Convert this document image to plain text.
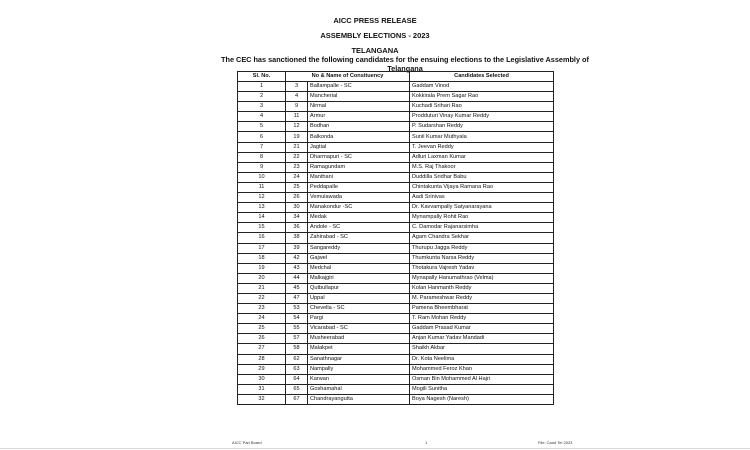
AICC PRESS RELEASE
ASSEMBLY ELECTIONS - 2023
TELANGANA
The CEC has sanctioned the following candidates for the ensuing elections to the Legislative Assembly of Telangana
Sl. No.	No & Name of Consituency		Candidates Selected
1	3	Ballampalle - SC	Gaddam Vinod
2	4	Mancherial	Kokkirala Prem Sagar Rao
3	9	Nirmal	Kuchadi Srihari Rao
4	11	Armur	Prodduturi Vinay Kumar Reddy
5	12	Bodhan	P. Sudarshan Reddy
6	19	Balkonda	Sunil Kumar Muthyala
7	21	Jagtial	T. Jeevan Reddy
8	22	Dharmapuri - SC	Adluri Laxman Kumar
9	23	Ramagundam	M.S. Raj Thakoor
10	24	Manthani	Duddilla Sridhar Babu
11	25	Peddapalle	Chintakunta Vijaya Ramana Rao
12	26	Vemulawada	Aadi Srinivas
13	30	Manakondur -SC	Dr. Kavvampally Satyanarayana
14	34	Medak	Mynampally Rohit Rao
15	36	Andole - SC	C. Damodar Rajanarsimha
16	38	Zahirabad - SC	Agam Chandra Sekhar
17	39	Sangareddy	Thurupu Jagga Reddy
18	42	Gajwel	Thumkunta Narsa Reddy
19	43	Medchal	Thotakura Vajresh Yadav
20	44	Malkajgiri	Mynapally Hanumathrao (Velma)
21	45	Qutbullapur	Kolan Hanmanth Reddy
22	47	Uppal	M. Parameshwar Reddy
23	53	Chevella - SC	Pamena Bheembharat
24	54	Pargi	T. Ram Mohan Reddy
25	55	Vicarabad - SC	Gaddam Prasad Kumar
26	57	Musheerabad	Anjan Kumar Yadav Mandadi
27	58	Malakpet	Shaikh Akbar
28	62	Sanathnagar	Dr. Kota Neelima
29	63	Nampally	Mohammed Feroz Khan
30	64	Karwan	Osman Bin Mohammed Al Hajri
31	65	Goshamahal	Mogili Sunitha
32	67	Chandrayangutta	Boya Nagesh (Naresh)
AICC Parl Board	1	File: Cand Tel 2023
